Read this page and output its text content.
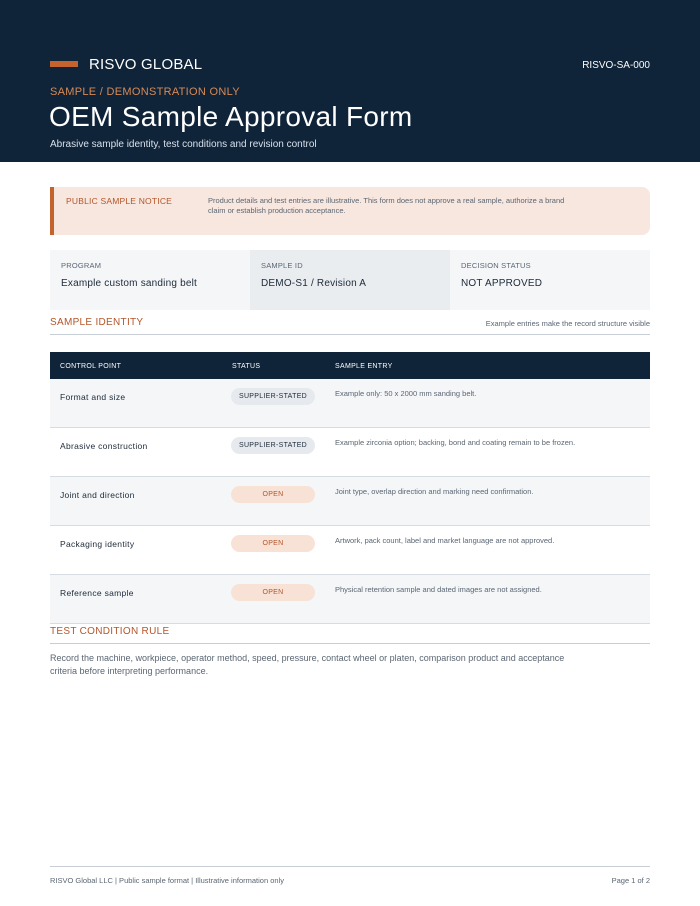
RISVO GLOBAL	RISVO-SA-000
SAMPLE / DEMONSTRATION ONLY
OEM Sample Approval Form
Abrasive sample identity, test conditions and revision control
PUBLIC SAMPLE NOTICE	Product details and test entries are illustrative. This form does not approve a real sample, authorize a brand claim or establish production acceptance.
PROGRAM
Example custom sanding belt
SAMPLE ID
DEMO-S1 / Revision A
DECISION STATUS
NOT APPROVED
SAMPLE IDENTITY	Example entries make the record structure visible
CONTROL POINT	STATUS	SAMPLE ENTRY
Format and size	SUPPLIER-STATED	Example only: 50 x 2000 mm sanding belt.
Abrasive construction	SUPPLIER-STATED	Example zirconia option; backing, bond and coating remain to be frozen.
Joint and direction	OPEN	Joint type, overlap direction and marking need confirmation.
Packaging identity	OPEN	Artwork, pack count, label and market language are not approved.
Reference sample	OPEN	Physical retention sample and dated images are not assigned.
TEST CONDITION RULE
Record the machine, workpiece, operator method, speed, pressure, contact wheel or platen, comparison product and acceptance criteria before interpreting performance.
RISVO Global LLC | Public sample format | Illustrative information only	Page 1 of 2
